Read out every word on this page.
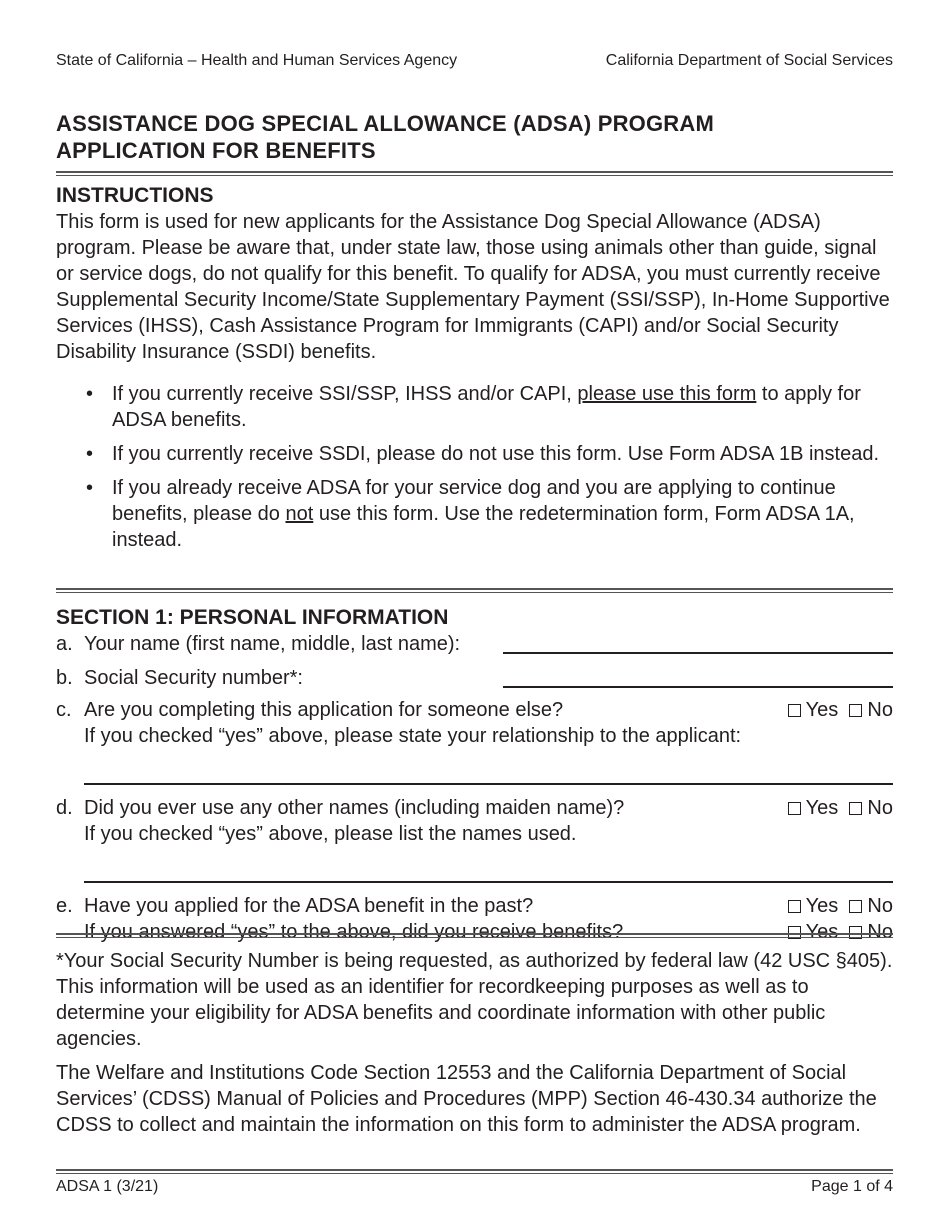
State of California – Health and Human Services Agency	California Department of Social Services
ASSISTANCE DOG SPECIAL ALLOWANCE (ADSA) PROGRAM
APPLICATION FOR BENEFITS
INSTRUCTIONS
This form is used for new applicants for the Assistance Dog Special Allowance (ADSA) program. Please be aware that, under state law, those using animals other than guide, signal or service dogs, do not qualify for this benefit. To qualify for ADSA, you must currently receive Supplemental Security Income/State Supplementary Payment (SSI/SSP), In-Home Supportive Services (IHSS), Cash Assistance Program for Immigrants (CAPI) and/or Social Security Disability Insurance (SSDI) benefits.
• If you currently receive SSI/SSP, IHSS and/or CAPI, please use this form to apply for ADSA benefits.
• If you currently receive SSDI, please do not use this form. Use Form ADSA 1B instead.
• If you already receive ADSA for your service dog and you are applying to continue benefits, please do not use this form. Use the redetermination form, Form ADSA 1A, instead.
SECTION 1: PERSONAL INFORMATION
a. Your name (first name, middle, last name):
b. Social Security number*:
c. Are you completing this application for someone else?	Yes No
If you checked “yes” above, please state your relationship to the applicant:
d. Did you ever use any other names (including maiden name)?	Yes No
If you checked “yes” above, please list the names used.
e. Have you applied for the ADSA benefit in the past?	Yes No
If you answered “yes” to the above, did you receive benefits?	Yes No

*Your Social Security Number is being requested, as authorized by federal law (42 USC §405). This information will be used as an identifier for recordkeeping purposes as well as to determine your eligibility for ADSA benefits and coordinate information with other public agencies.

The Welfare and Institutions Code Section 12553 and the California Department of Social Services’ (CDSS) Manual of Policies and Procedures (MPP) Section 46-430.34 authorize the CDSS to collect and maintain the information on this form to administer the ADSA program.

ADSA 1 (3/21)	Page 1 of 4
